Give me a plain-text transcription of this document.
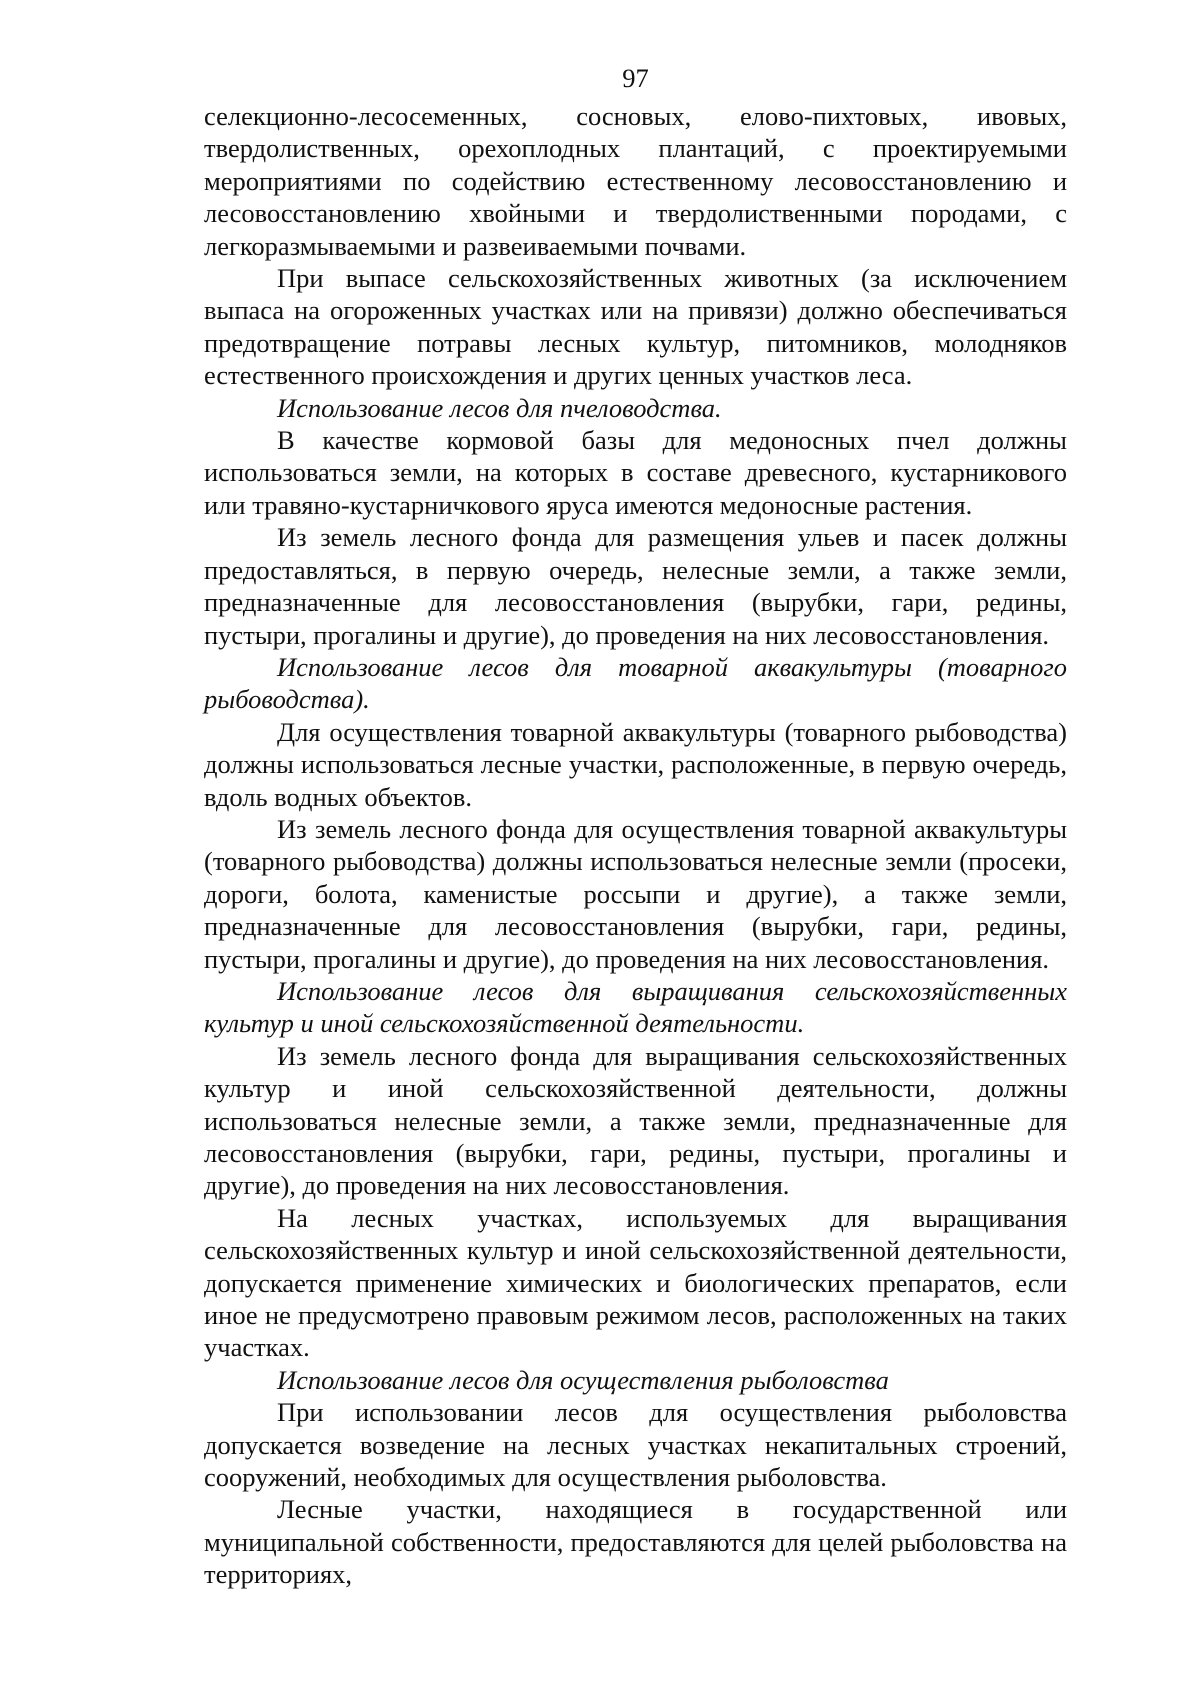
97

селекционно-лесосеменных, сосновых, елово-пихтовых, ивовых, твердолиственных, орехоплодных плантаций, с проектируемыми мероприятиями по содействию естественному лесовосстановлению и лесовосстановлению хвойными и твердолиственными породами, с легкоразмываемыми и развеиваемыми почвами.

При выпасе сельскохозяйственных животных (за исключением выпаса на огороженных участках или на привязи) должно обеспечиваться предотвращение потравы лесных культур, питомников, молодняков естественного происхождения и других ценных участков леса.

Использование лесов для пчеловодства.

В качестве кормовой базы для медоносных пчел должны использоваться земли, на которых в составе древесного, кустарникового или травяно-кустарничкового яруса имеются медоносные растения.

Из земель лесного фонда для размещения ульев и пасек должны предоставляться, в первую очередь, нелесные земли, а также земли, предназначенные для лесовосстановления (вырубки, гари, редины, пустыри, прогалины и другие), до проведения на них лесовосстановления.

Использование лесов для товарной аквакультуры (товарного рыбоводства).

Для осуществления товарной аквакультуры (товарного рыбоводства) должны использоваться лесные участки, расположенные, в первую очередь, вдоль водных объектов.

Из земель лесного фонда для осуществления товарной аквакультуры (товарного рыбоводства) должны использоваться нелесные земли (просеки, дороги, болота, каменистые россыпи и другие), а также земли, предназначенные для лесовосстановления (вырубки, гари, редины, пустыри, прогалины и другие), до проведения на них лесовосстановления.

Использование лесов для выращивания сельскохозяйственных культур и иной сельскохозяйственной деятельности.

Из земель лесного фонда для выращивания сельскохозяйственных культур и иной сельскохозяйственной деятельности, должны использоваться нелесные земли, а также земли, предназначенные для лесовосстановления (вырубки, гари, редины, пустыри, прогалины и другие), до проведения на них лесовосстановления.

На лесных участках, используемых для выращивания сельскохозяйственных культур и иной сельскохозяйственной деятельности, допускается применение химических и биологических препаратов, если иное не предусмотрено правовым режимом лесов, расположенных на таких участках.

Использование лесов для осуществления рыболовства

При использовании лесов для осуществления рыболовства допускается возведение на лесных участках некапитальных строений, сооружений, необходимых для осуществления рыболовства.

Лесные участки, находящиеся в государственной или муниципальной собственности, предоставляются для целей рыболовства на территориях,
